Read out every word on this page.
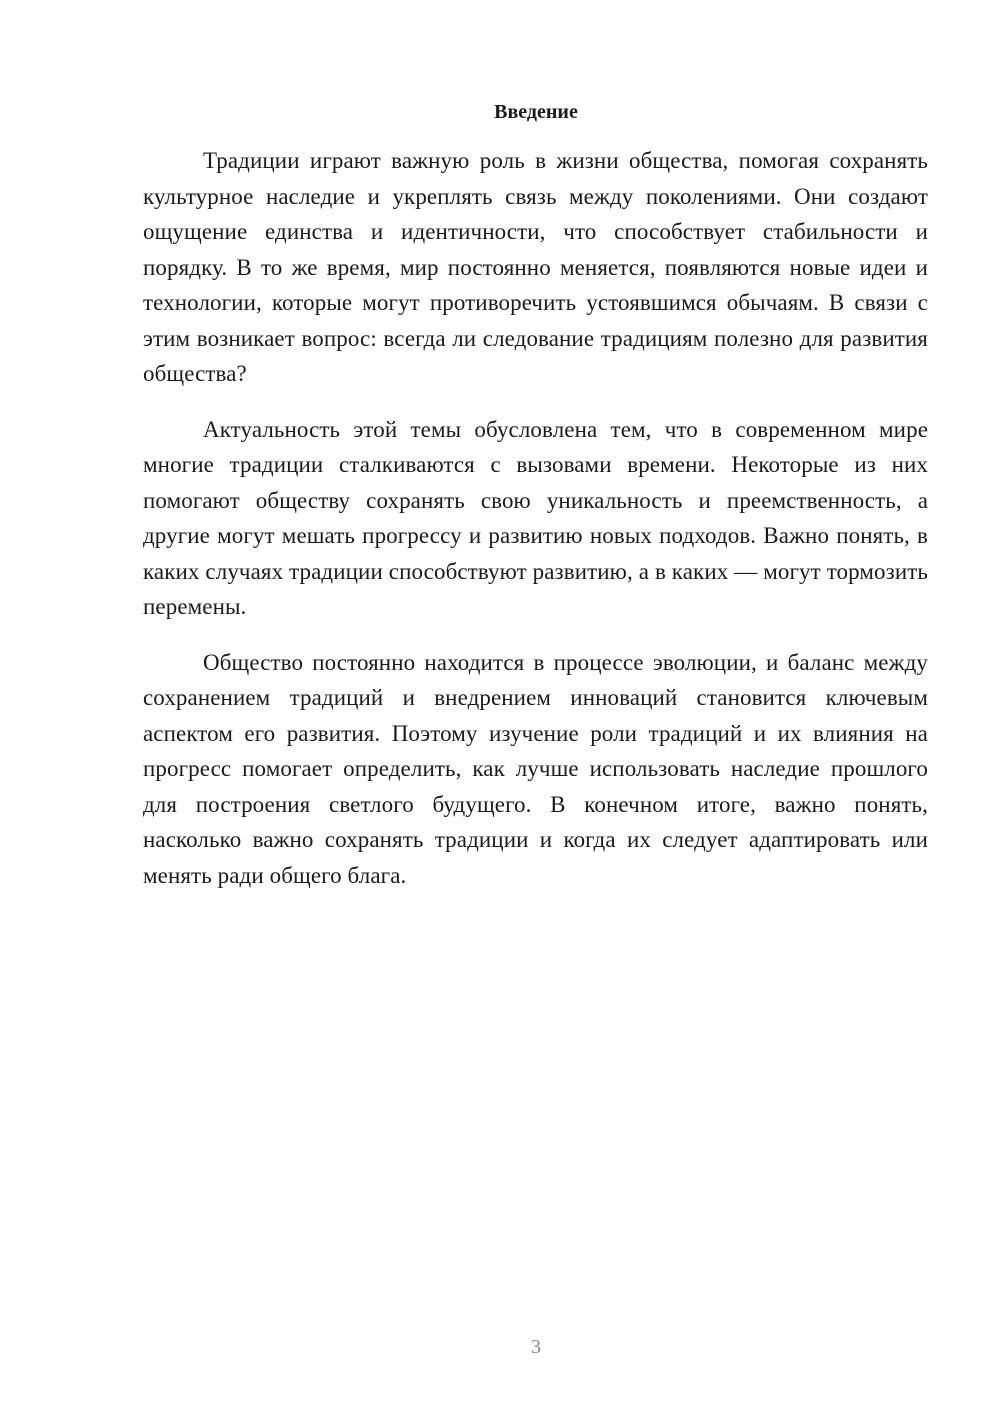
Введение

Традиции играют важную роль в жизни общества, помогая сохранять культурное наследие и укреплять связь между поколениями. Они создают ощущение единства и идентичности, что способствует стабильности и порядку. В то же время, мир постоянно меняется, появляются новые идеи и технологии, которые могут противоречить устоявшимся обычаям. В связи с этим возникает вопрос: всегда ли следование традициям полезно для развития общества?

Актуальность этой темы обусловлена тем, что в современном мире многие традиции сталкиваются с вызовами времени. Некоторые из них помогают обществу сохранять свою уникальность и преемственность, а другие могут мешать прогрессу и развитию новых подходов. Важно понять, в каких случаях традиции способствуют развитию, а в каких — могут тормозить перемены.

Общество постоянно находится в процессе эволюции, и баланс между сохранением традиций и внедрением инноваций становится ключевым аспектом его развития. Поэтому изучение роли традиций и их влияния на прогресс помогает определить, как лучше использовать наследие прошлого для построения светлого будущего. В конечном итоге, важно понять, насколько важно сохранять традиции и когда их следует адаптировать или менять ради общего блага.

3
